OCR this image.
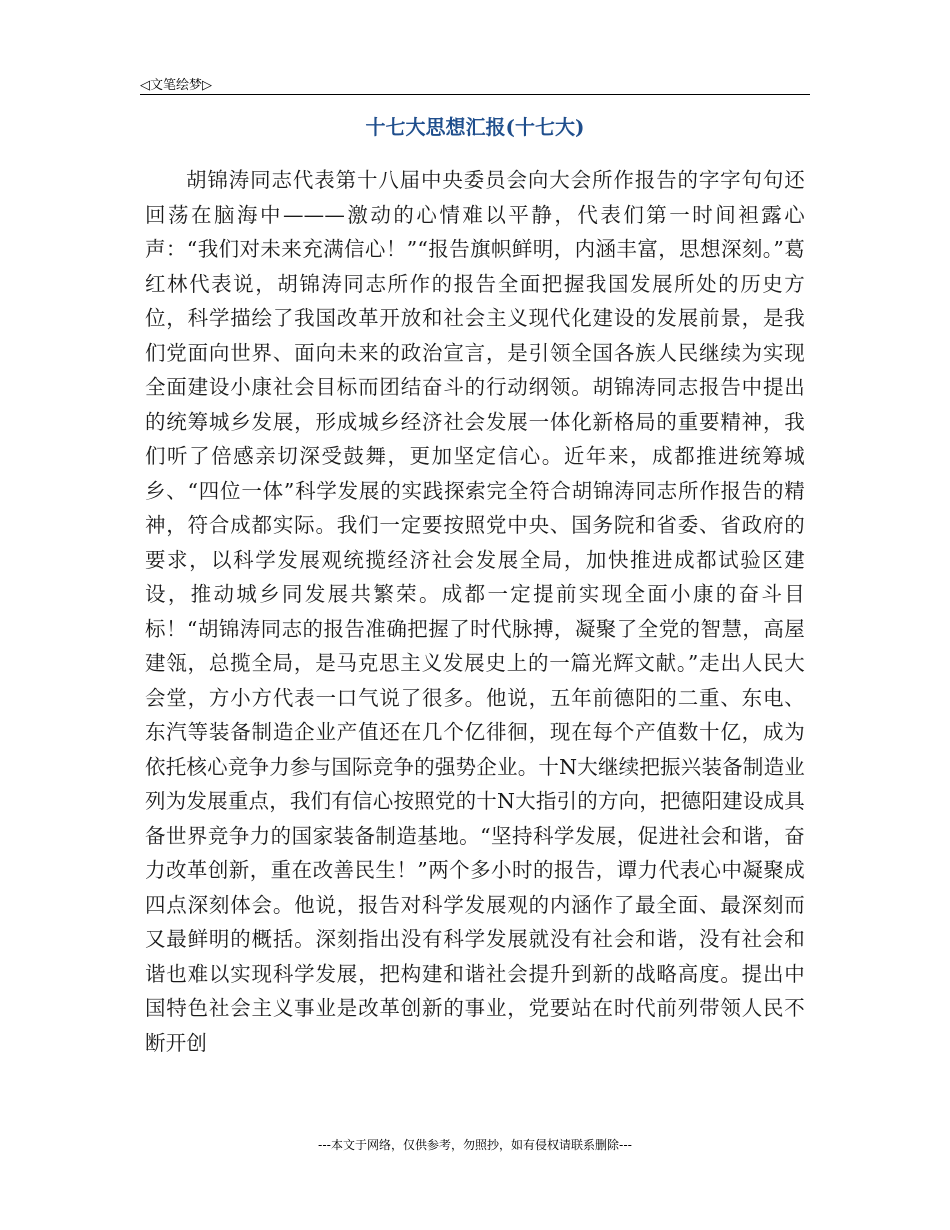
◁文笔绘梦▷
十七大思想汇报(十七大)

胡锦涛同志代表第十八届中央委员会向大会所作报告的字字句句还回荡在脑海中———激动的心情难以平静，代表们第一时间袒露心声：“我们对未来充满信心！”“报告旗帜鲜明，内涵丰富，思想深刻。”葛红林代表说，胡锦涛同志所作的报告全面把握我国发展所处的历史方位，科学描绘了我国改革开放和社会主义现代化建设的发展前景，是我们党面向世界、面向未来的政治宣言，是引领全国各族人民继续为实现全面建设小康社会目标而团结奋斗的行动纲领。胡锦涛同志报告中提出的统筹城乡发展，形成城乡经济社会发展一体化新格局的重要精神，我们听了倍感亲切深受鼓舞，更加坚定信心。近年来，成都推进统筹城乡、“四位一体”科学发展的实践探索完全符合胡锦涛同志所作报告的精神，符合成都实际。我们一定要按照党中央、国务院和省委、省政府的要求，以科学发展观统揽经济社会发展全局，加快推进成都试验区建设，推动城乡同发展共繁荣。成都一定提前实现全面小康的奋斗目标！“胡锦涛同志的报告准确把握了时代脉搏，凝聚了全党的智慧，高屋建瓴，总揽全局，是马克思主义发展史上的一篇光辉文献。”走出人民大会堂，方小方代表一口气说了很多。他说，五年前德阳的二重、东电、东汽等装备制造企业产值还在几个亿徘徊，现在每个产值数十亿，成为依托核心竞争力参与国际竞争的强势企业。十N大继续把振兴装备制造业列为发展重点，我们有信心按照党的十N大指引的方向，把德阳建设成具备世界竞争力的国家装备制造基地。“坚持科学发展，促进社会和谐，奋力改革创新，重在改善民生！”两个多小时的报告，谭力代表心中凝聚成四点深刻体会。他说，报告对科学发展观的内涵作了最全面、最深刻而又最鲜明的概括。深刻指出没有科学发展就没有社会和谐，没有社会和谐也难以实现科学发展，把构建和谐社会提升到新的战略高度。提出中国特色社会主义事业是改革创新的事业，党要站在时代前列带领人民不断开创

---本文于网络，仅供参考，勿照抄，如有侵权请联系删除---
